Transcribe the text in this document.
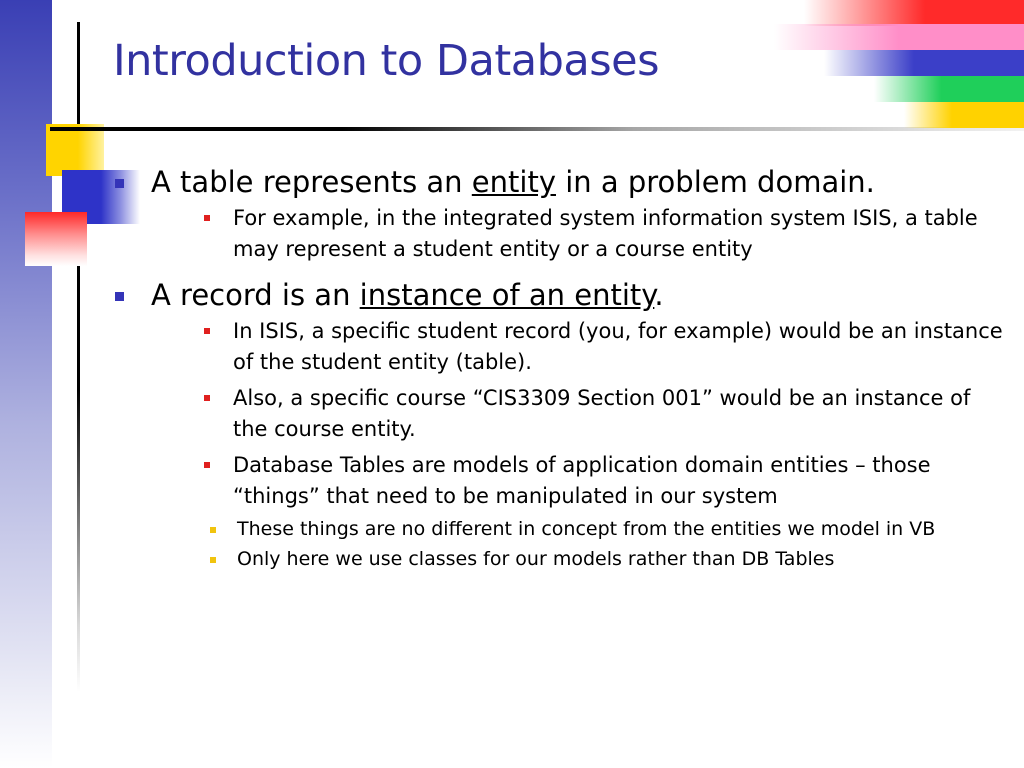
Introduction to Databases
A table represents an entity in a problem domain.
For example, in the integrated system information system ISIS, a table may represent a student entity or a course entity
A record is an instance of an entity.
In ISIS, a specific student record (you, for example) would be an instance of the student entity (table).
Also, a specific course “CIS3309 Section 001” would be an instance of the course entity.
Database Tables are models of application domain entities – those “things” that need to be manipulated in our system
These things are no different in concept from the entities we model in VB
Only here we use classes for our models rather than DB Tables
